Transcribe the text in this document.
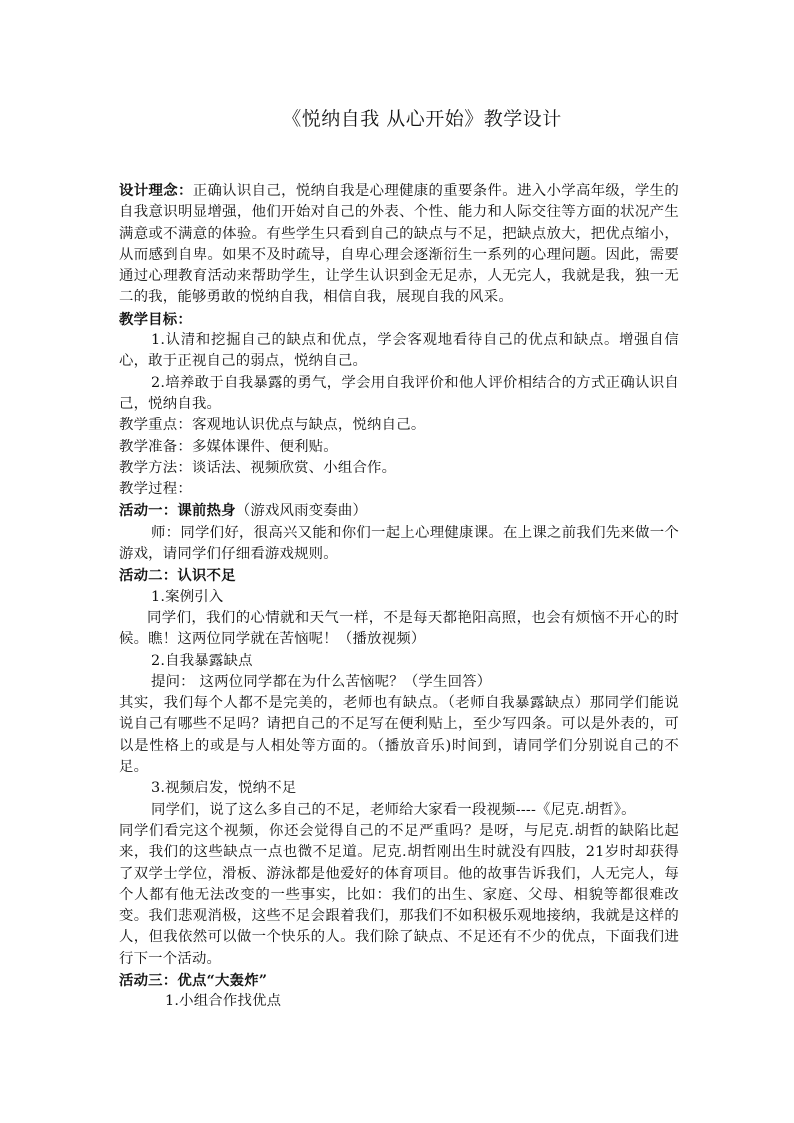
《悦纳自我 从心开始》教学设计

设计理念：正确认识自己，悦纳自我是心理健康的重要条件。进入小学高年级，学生的自我意识明显增强，他们开始对自己的外表、个性、能力和人际交往等方面的状况产生满意或不满意的体验。有些学生只看到自己的缺点与不足，把缺点放大，把优点缩小，从而感到自卑。如果不及时疏导，自卑心理会逐渐衍生一系列的心理问题。因此，需要通过心理教育活动来帮助学生，让学生认识到金无足赤，人无完人，我就是我，独一无二的我，能够勇敢的悦纳自我，相信自我，展现自我的风采。

教学目标：

1.认清和挖掘自己的缺点和优点，学会客观地看待自己的优点和缺点。增强自信心，敢于正视自己的弱点，悦纳自己。

2.培养敢于自我暴露的勇气，学会用自我评价和他人评价相结合的方式正确认识自己，悦纳自我。

教学重点：客观地认识优点与缺点，悦纳自己。

教学准备：多媒体课件、便利贴。

教学方法：谈话法、视频欣赏、小组合作。

教学过程：

活动一：课前热身（游戏风雨变奏曲）

师：同学们好，很高兴又能和你们一起上心理健康课。在上课之前我们先来做一个游戏，请同学们仔细看游戏规则。

活动二：认识不足

1.案例引入

同学们，我们的心情就和天气一样，不是每天都艳阳高照，也会有烦恼不开心的时候。瞧！这两位同学就在苦恼呢！（播放视频）

2.自我暴露缺点

提问： 这两位同学都在为什么苦恼呢？（学生回答）

其实，我们每个人都不是完美的，老师也有缺点。（老师自我暴露缺点）那同学们能说说自己有哪些不足吗？请把自己的不足写在便利贴上，至少写四条。可以是外表的，可以是性格上的或是与人相处等方面的。（播放音乐)时间到，请同学们分别说自己的不足。

3.视频启发，悦纳不足

同学们，说了这么多自己的不足，老师给大家看一段视频----《尼克.胡哲》。

同学们看完这个视频，你还会觉得自己的不足严重吗？是呀，与尼克.胡哲的缺陷比起来，我们的这些缺点一点也微不足道。尼克.胡哲刚出生时就没有四肢，21岁时却获得了双学士学位，滑板、游泳都是他爱好的体育项目。他的故事告诉我们，人无完人，每个人都有他无法改变的一些事实，比如：我们的出生、家庭、父母、相貌等都很难改变。我们悲观消极，这些不足会跟着我们，那我们不如积极乐观地接纳，我就是这样的人，但我依然可以做一个快乐的人。我们除了缺点、不足还有不少的优点，下面我们进行下一个活动。

活动三：优点“大轰炸”

1.小组合作找优点
